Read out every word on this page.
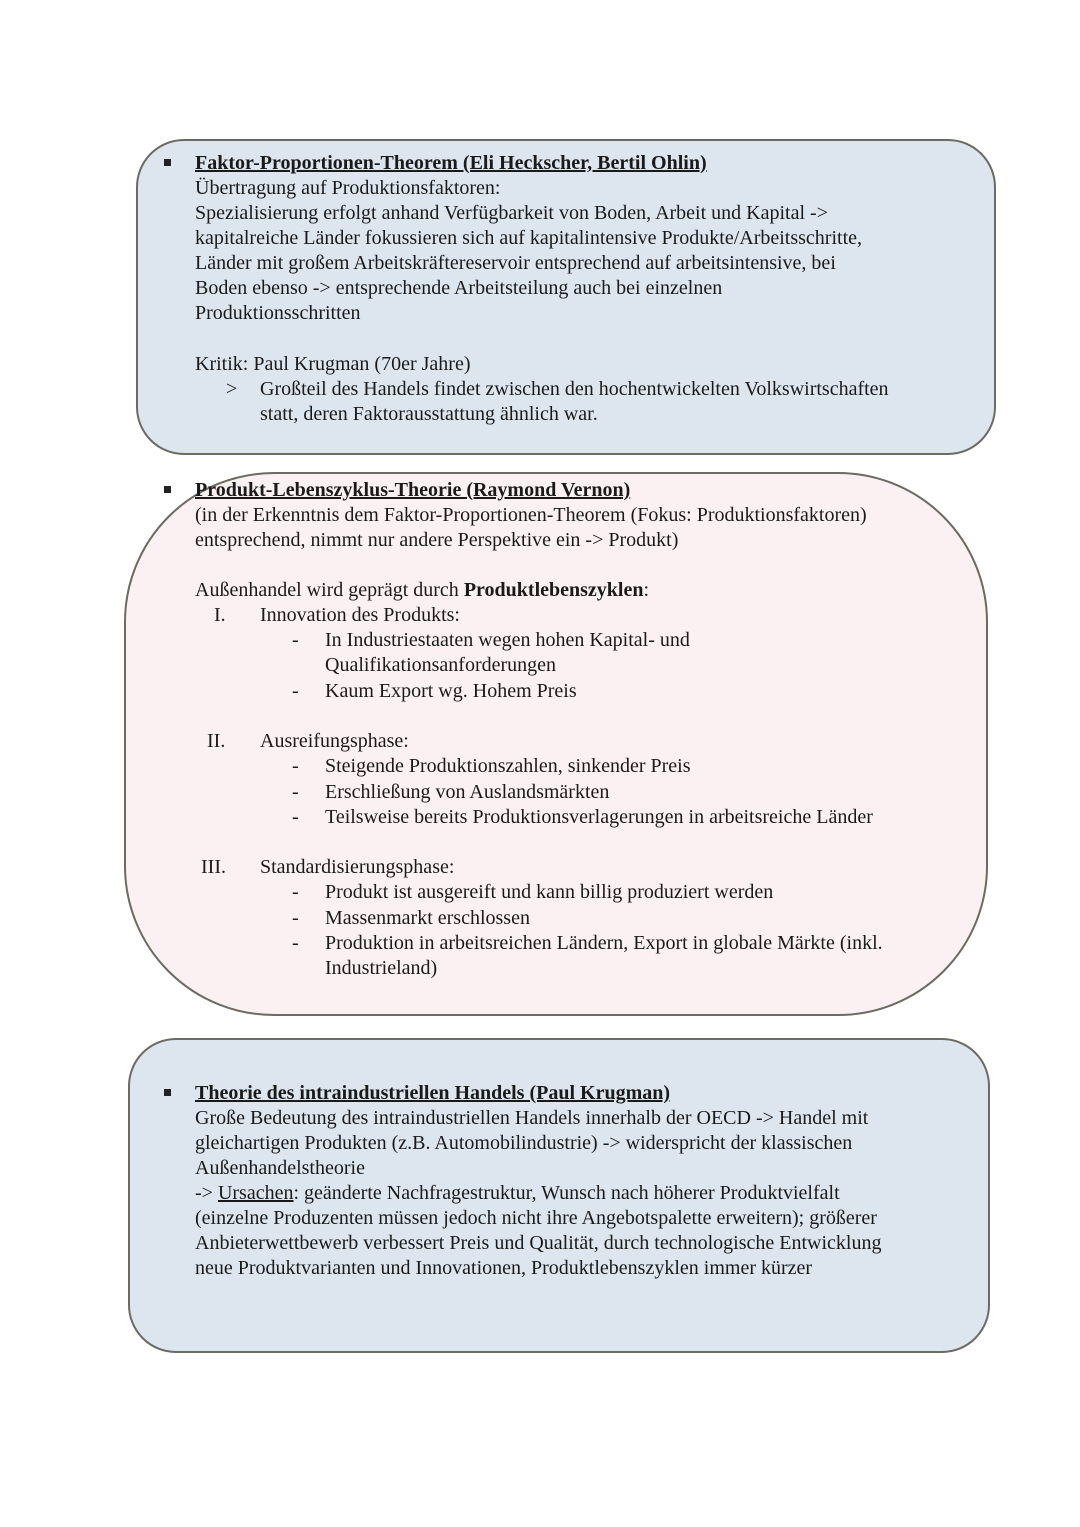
Faktor-Proportionen-Theorem (Eli Heckscher, Bertil Ohlin)
Übertragung auf Produktionsfaktoren:
Spezialisierung erfolgt anhand Verfügbarkeit von Boden, Arbeit und Kapital ->
kapitalreiche Länder fokussieren sich auf kapitalintensive Produkte/Arbeitsschritte,
Länder mit großem Arbeitskräftereservoir entsprechend auf arbeitsintensive, bei
Boden ebenso -> entsprechende Arbeitsteilung auch bei einzelnen
Produktionsschritten
Kritik: Paul Krugman (70er Jahre)
> Großteil des Handels findet zwischen den hochentwickelten Volkswirtschaften
statt, deren Faktorausstattung ähnlich war.
Produkt-Lebenszyklus-Theorie (Raymond Vernon)
(in der Erkenntnis dem Faktor-Proportionen-Theorem (Fokus: Produktionsfaktoren)
entsprechend, nimmt nur andere Perspektive ein -> Produkt)
Außenhandel wird geprägt durch Produktlebenszyklen:
I. Innovation des Produkts:
- In Industriestaaten wegen hohen Kapital- und
Qualifikationsanforderungen
- Kaum Export wg. Hohem Preis
II. Ausreifungsphase:
- Steigende Produktionszahlen, sinkender Preis
- Erschließung von Auslandsmärkten
- Teilsweise bereits Produktionsverlagerungen in arbeitsreiche Länder
III. Standardisierungsphase:
- Produkt ist ausgereift und kann billig produziert werden
- Massenmarkt erschlossen
- Produktion in arbeitsreichen Ländern, Export in globale Märkte (inkl.
Industrieland)
Theorie des intraindustriellen Handels (Paul Krugman)
Große Bedeutung des intraindustriellen Handels innerhalb der OECD -> Handel mit
gleichartigen Produkten (z.B. Automobilindustrie) -> widerspricht der klassischen
Außenhandelstheorie
-> Ursachen: geänderte Nachfragestruktur, Wunsch nach höherer Produktvielfalt
(einzelne Produzenten müssen jedoch nicht ihre Angebotspalette erweitern); größerer
Anbieterwettbewerb verbessert Preis und Qualität, durch technologische Entwicklung
neue Produktvarianten und Innovationen, Produktlebenszyklen immer kürzer
